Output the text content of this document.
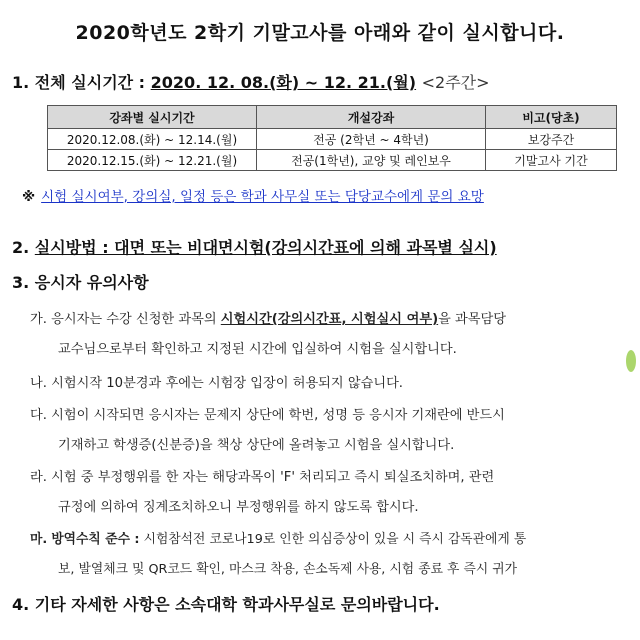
2020학년도 2학기 기말고사를 아래와 같이 실시합니다.
1. 전체 실시기간 : 2020. 12. 08.(화) ~ 12. 21.(월) <2주간>
강좌별 실시기간	개설강좌	비고(당초)
2020.12.08.(화) ~ 12.14.(월)	전공 (2학년 ~ 4학년)	보강주간
2020.12.15.(화) ~ 12.21.(월)	전공(1학년), 교양 및 레인보우	기말고사 기간
※ 시험 실시여부, 강의실, 일정 등은 학과 사무실 또는 담당교수에게 문의 요망
2. 실시방법 : 대면 또는 비대면시험(강의시간표에 의해 과목별 실시)
3. 응시자 유의사항
가. 응시자는 수강 신청한 과목의 시험시간(강의시간표, 시험실시 여부)을 과목담당
교수님으로부터 확인하고 지정된 시간에 입실하여 시험을 실시합니다.
나. 시험시작 10분경과 후에는 시험장 입장이 허용되지 않습니다.
다. 시험이 시작되면 응시자는 문제지 상단에 학번, 성명 등 응시자 기재란에 반드시
기재하고 학생증(신분증)을 책상 상단에 올려놓고 시험을 실시합니다.
라. 시험 중 부정행위를 한 자는 해당과목이 'F' 처리되고 즉시 퇴실조치하며, 관련
규정에 의하여 징계조치하오니 부정행위를 하지 않도록 합시다.
마. 방역수칙 준수 : 시험참석전 코로나19로 인한 의심증상이 있을 시 즉시 감독관에게 통
보, 발열체크 및 QR코드 확인, 마스크 착용, 손소독제 사용, 시험 종료 후 즉시 귀가
4. 기타 자세한 사항은 소속대학 학과사무실로 문의바랍니다.
